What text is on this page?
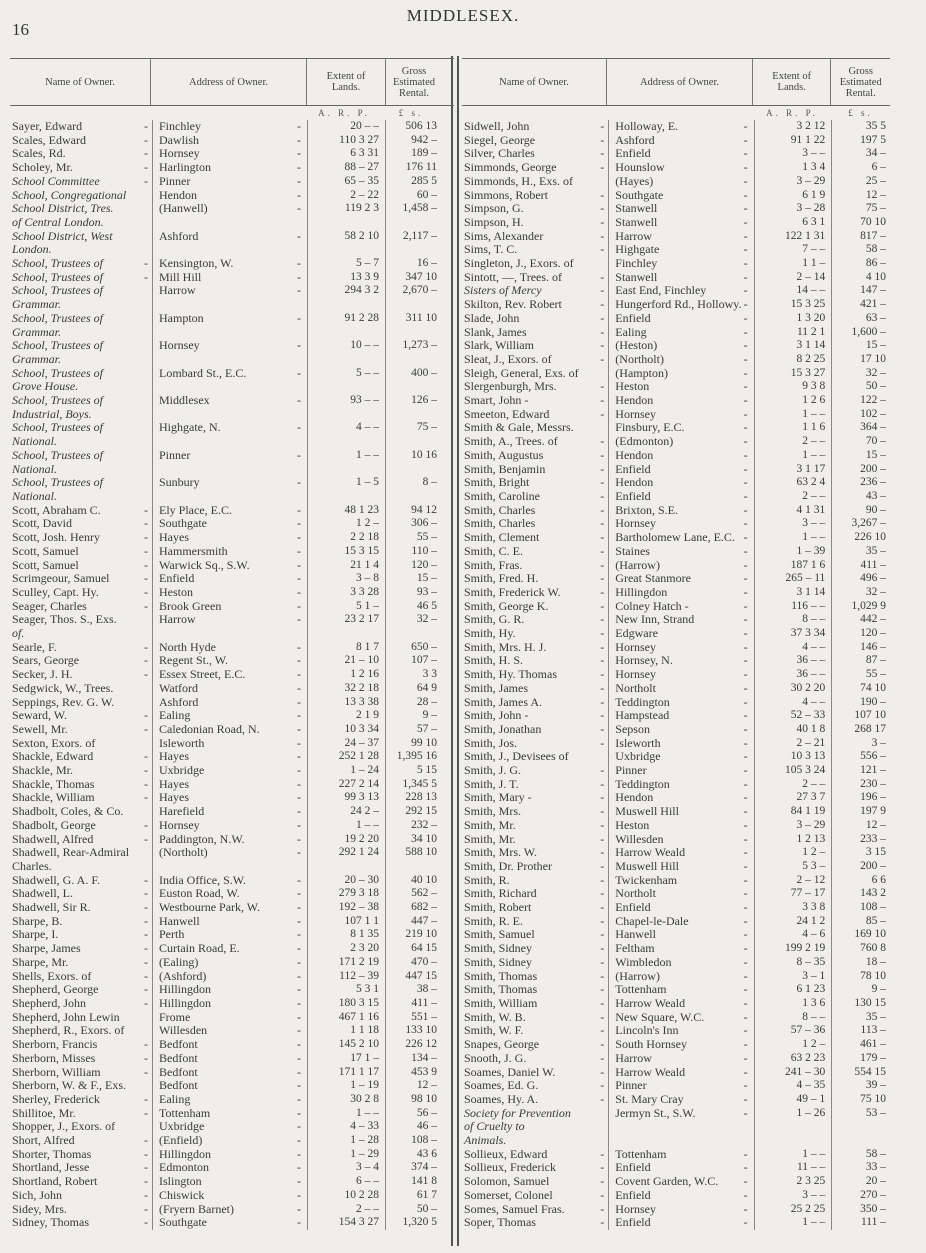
16
MIDDLESEX.
Name of Owner.	Address of Owner.	Extent of
Lands.
Gross
Estimated
Rental.
A. R. P.	£ s.
Sayer, Edward	- Finchley	-	20 – –	506 13
Scales, Edward	- Dawlish	-	110 3 27	942 –
Scales, Rd.	- Hornsey	-	6 3 31	189 –
Scholey, Mr.	- Harlington	-	88 – 27	176 11
School Committee	- Pinner	-	65 – 35	285 5
School, Congregational	Hendon	-	2 – 22	60 –
School District, Tres.	(Hanwell)	-	119 2 3	1,458 –
of Central London.
School District, West	Ashford	-	58 2 10	2,117 –
London.
School, Trustees of	- Kensington, W.	-	5 – 7	16 –
School, Trustees of	- Mill Hill	-	13 3 9	347 10
School, Trustees of	Harrow	-	294 3 2	2,670 –
Grammar.
School, Trustees of	Hampton	-	91 2 28	311 10
Grammar.
School, Trustees of	Hornsey	-	10 – –	1,273 –
Grammar.
School, Trustees of	Lombard St., E.C.	-	5 – –	400 –
Grove House.
School, Trustees of	Middlesex	-	93 – –	126 –
Industrial, Boys.
School, Trustees of	Highgate, N.	-	4 – –	75 –
National.
School, Trustees of	Pinner	-	1 – –	10 16
National.
School, Trustees of	Sunbury	-	1 – 5	8 –
National.
Scott, Abraham C.	- Ely Place, E.C.	-	48 1 23	94 12
Scott, David	- Southgate	-	1 2 –	306 –
Scott, Josh. Henry	- Hayes	-	2 2 18	55 –
Scott, Samuel	- Hammersmith	-	15 3 15	110 –
Scott, Samuel	- Warwick Sq., S.W.	-	21 1 4	120 –
Scrimgeour, Samuel	- Enfield	-	3 – 8	15 –
Sculley, Capt. Hy.	- Heston	-	3 3 28	93 –
Seager, Charles	- Brook Green	-	5 1 –	46 5
Seager, Thos. S., Exs.	Harrow	-	23 2 17	32 –
of.
Searle, F.	- North Hyde	-	8 1 7	650 –
Sears, George	- Regent St., W.	-	21 – 10	107 –
Secker, J. H.	- Essex Street, E.C.	-	1 2 16	3 3
Sedgwick, W., Trees.	Watford	-	32 2 18	64 9
Seppings, Rev. G. W.	Ashford	-	13 3 38	28 –
Seward, W.	- Ealing	-	2 1 9	9 –
Sewell, Mr.	- Caledonian Road, N.	-	10 3 34	57 –
Sexton, Exors. of	Isleworth	-	24 – 37	99 10
Shackle, Edward	- Hayes	-	252 1 28	1,395 16
Shackle, Mr.	- Uxbridge	-	1 – 24	5 15
Shackle, Thomas	- Hayes	-	227 2 14	1,345 5
Shackle, William	- Hayes	-	99 3 13	228 13
Shadbolt, Coles, & Co.	Harefield	-	24 2 –	292 15
Shadbolt, George	- Hornsey	-	1 – –	232 –
Shadwell, Alfred	- Paddington, N.W.	-	19 2 20	34 10
Shadwell, Rear-Admiral	(Northolt)	-	292 1 24	588 10
Charles.
Shadwell, G. A. F.	- India Office, S.W.	-	20 – 30	40 10
Shadwell, L.	- Euston Road, W.	-	279 3 18	562 –
Shadwell, Sir R.	- Westbourne Park, W.	-	192 – 38	682 –
Sharpe, B.	- Hanwell	-	107 1 1	447 –
Sharpe, I.	- Perth	-	8 1 35	219 10
Sharpe, James	- Curtain Road, E.	-	2 3 20	64 15
Sharpe, Mr.	- (Ealing)	-	171 2 19	470 –
Shells, Exors. of	- (Ashford)	-	112 – 39	447 15
Shepherd, George	- Hillingdon	-	5 3 1	38 –
Shepherd, John	- Hillingdon	-	180 3 15	411 –
Shepherd, John Lewin	Frome	-	467 1 16	551 –
Shepherd, R., Exors. of	Willesden	-	1 1 18	133 10
Sherborn, Francis	- Bedfont	-	145 2 10	226 12
Sherborn, Misses	- Bedfont	-	17 1 –	134 –
Sherborn, William	- Bedfont	-	171 1 17	453 9
Sherborn, W. & F., Exs.	Bedfont	-	1 – 19	12 –
Sherley, Frederick	- Ealing	-	30 2 8	98 10
Shillitoe, Mr.	- Tottenham	-	1 – –	56 –
Shopper, J., Exors. of	Uxbridge	-	4 – 33	46 –
Short, Alfred	- (Enfield)	-	1 – 28	108 –
Shorter, Thomas	- Hillingdon	-	1 – 29	43 6
Shortland, Jesse	- Edmonton	-	3 – 4	374 –
Shortland, Robert	- Islington	-	6 – –	141 8
Sich, John	- Chiswick	-	10 2 28	61 7
Sidey, Mrs.	- (Fryern Barnet)	-	2 – –	50 –
Sidney, Thomas	- Southgate	-	154 3 27	1,320 5
Name of Owner.	Address of Owner.	Extent of
Lands.
Gross
Estimated
Rental.
A. R. P.	£ s.
Sidwell, John	- Holloway, E.	-	3 2 12	35 5
Siegel, George	- Ashford	-	91 1 22	197 5
Silver, Charles	- Enfield	-	3 – –	34 –
Simmonds, George	- Hounslow	-	1 3 4	6 –
Simmonds, H., Exs. of	(Hayes)	-	3 – 29	25 –
Simmons, Robert	- Southgate	-	6 1 9	12 –
Simpson, G.	- Stanwell	-	3 – 28	75 –
Simpson, H.	- Stanwell	-	6 3 1	70 10
Sims, Alexander	- Harrow	-	122 1 31	817 –
Sims, T. C.	- Highgate	-	7 – –	58 –
Singleton, J., Exors. of	Finchley	-	1 1 –	86 –
Sintott, —, Trees. of	- Stanwell	-	2 – 14	4 10
Sisters of Mercy	- East End, Finchley	-	14 – –	147 –
Skilton, Rev. Robert	- Hungerford Rd., Hollowy. -	15 3 25	421 –
Slade, John	- Enfield	-	1 3 20	63 –
Slank, James	- Ealing	-	11 2 1	1,600 –
Slark, William	- (Heston)	-	3 1 14	15 –
Sleat, J., Exors. of	- (Northolt)	-	8 2 25	17 10
Sleigh, General, Exs. of	(Hampton)	-	15 3 27	32 –
Slergenburgh, Mrs.	- Heston	-	9 3 8	50 –
Smart, John -	- Hendon	-	1 2 6	122 –
Smeeton, Edward	- Hornsey	-	1 – –	102 –
Smith & Gale, Messrs.	Finsbury, E.C.	-	1 1 6	364 –
Smith, A., Trees. of	- (Edmonton)	-	2 – –	70 –
Smith, Augustus	- Hendon	-	1 – –	15 –
Smith, Benjamin	- Enfield	-	3 1 17	200 –
Smith, Bright	- Hendon	-	63 2 4	236 –
Smith, Caroline	- Enfield	-	2 – –	43 –
Smith, Charles	- Brixton, S.E.	-	4 1 31	90 –
Smith, Charles	- Hornsey	-	3 – –	3,267 –
Smith, Clement	- Bartholomew Lane, E.C. -	1 – –	226 10
Smith, C. E.	- Staines	-	1 – 39	35 –
Smith, Fras.	- (Harrow)	-	187 1 6	411 –
Smith, Fred. H.	- Great Stanmore	-	265 – 11	496 –
Smith, Frederick W.	- Hillingdon	-	3 1 14	32 –
Smith, George K.	- Colney Hatch -	-	116 – –	1,029 9
Smith, G. R.	- New Inn, Strand	-	8 – –	442 –
Smith, Hy.	- Edgware	-	37 3 34	120 –
Smith, Mrs. H. J.	- Hornsey	-	4 – –	146 –
Smith, H. S.	- Hornsey, N.	-	36 – –	87 –
Smith, Hy. Thomas	- Hornsey	-	36 – –	55 –
Smith, James	- Northolt	-	30 2 20	74 10
Smith, James A.	- Teddington	-	4 – –	190 –
Smith, John -	- Hampstead	-	52 – 33	107 10
Smith, Jonathan	- Sepson	-	40 1 8	268 17
Smith, Jos.	- Isleworth	-	2 – 21	3 –
Smith, J., Devisees of	Uxbridge	-	10 3 13	556 –
Smith, J. G.	- Pinner	-	105 3 24	121 –
Smith, J. T.	- Teddington	-	2 – –	230 –
Smith, Mary -	- Hendon	-	27 3 7	196 –
Smith, Mrs.	- Muswell Hill	-	84 1 19	197 9
Smith, Mr.	- Heston	-	3 – 29	12 –
Smith, Mr.	- Willesden	-	1 2 13	233 –
Smith, Mrs. W.	- Harrow Weald	-	1 2 –	3 15
Smith, Dr. Prother	- Muswell Hill	-	5 3 –	200 –
Smith, R.	- Twickenham	-	2 – 12	6 6
Smith, Richard	- Northolt	-	77 – 17	143 2
Smith, Robert	- Enfield	-	3 3 8	108 –
Smith, R. E.	- Chapel-le-Dale	-	24 1 2	85 –
Smith, Samuel	- Hanwell	-	4 – 6	169 10
Smith, Sidney	- Feltham	-	199 2 19	760 8
Smith, Sidney	- Wimbledon	-	8 – 35	18 –
Smith, Thomas	- (Harrow)	-	3 – 1	78 10
Smith, Thomas	- Tottenham	-	6 1 23	9 –
Smith, William	- Harrow Weald	-	1 3 6	130 15
Smith, W. B.	- New Square, W.C.	-	8 – –	35 –
Smith, W. F.	- Lincoln's Inn	-	57 – 36	113 –
Snapes, George	- South Hornsey	-	1 2 –	461 –
Snooth, J. G.	- Harrow	-	63 2 23	179 –
Soames, Daniel W.	- Harrow Weald	-	241 – 30	554 15
Soames, Ed. G.	- Pinner	-	4 – 35	39 –
Soames, Hy. A.	- St. Mary Cray	-	49 – 1	75 10
Society for Prevention	Jermyn St., S.W.	-	1 – 26	53 –
of Cruelty to
Animals.
Sollieux, Edward	- Tottenham	-	1 – –	58 –
Sollieux, Frederick	- Enfield	-	11 – –	33 –
Solomon, Samuel	- Covent Garden, W.C. -	2 3 25	20 –
Somerset, Colonel	- Enfield	-	3 – –	270 –
Somes, Samuel Fras.	- Hornsey	-	25 2 25	350 –
Soper, Thomas	- Enfield	-	1 – –	111 –
